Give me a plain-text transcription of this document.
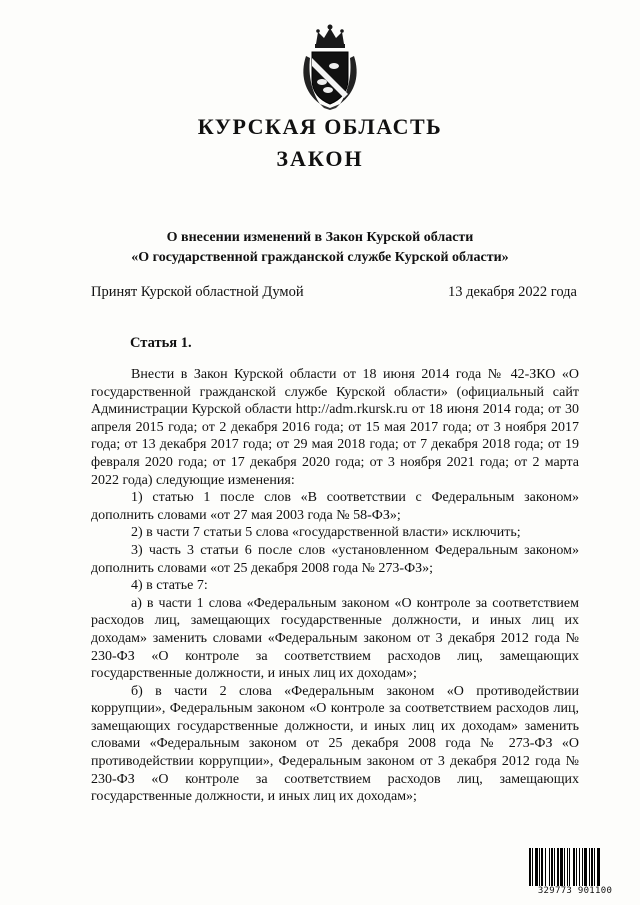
КУРСКАЯ ОБЛАСТЬ
ЗАКОН
О внесении изменений в Закон Курской области
«О государственной гражданской службе Курской области»
Принят Курской областной Думой	13 декабря 2022 года
Статья 1.

Внести в Закон Курской области от 18 июня 2014 года № 42-ЗКО «О государственной гражданской службе Курской области» (официальный сайт Администрации Курской области http://adm.rkursk.ru от 18 июня 2014 года; от 30 апреля 2015 года; от 2 декабря 2016 года; от 15 мая 2017 года; от 3 ноября 2017 года; от 13 декабря 2017 года; от 29 мая 2018 года; от 7 декабря 2018 года; от 19 февраля 2020 года; от 17 декабря 2020 года; от 3 ноября 2021 года; от 2 марта 2022 года) следующие изменения:

1) статью 1 после слов «В соответствии с Федеральным законом» дополнить словами «от 27 мая 2003 года № 58-ФЗ»;

2) в части 7 статьи 5 слова «государственной власти» исключить;

3) часть 3 статьи 6 после слов «установленном Федеральным законом» дополнить словами «от 25 декабря 2008 года № 273-ФЗ»;

4) в статье 7:

а) в части 1 слова «Федеральным законом «О контроле за соответствием расходов лиц, замещающих государственные должности, и иных лиц их доходам» заменить словами «Федеральным законом от 3 декабря 2012 года № 230-ФЗ «О контроле за соответствием расходов лиц, замещающих государственные должности, и иных лиц их доходам»;

б) в части 2 слова «Федеральным законом «О противодействии коррупции», Федеральным законом «О контроле за соответствием расходов лиц, замещающих государственные должности, и иных лиц их доходам» заменить словами «Федеральным законом от 25 декабря 2008 года № 273-ФЗ «О противодействии коррупции», Федеральным законом от 3 декабря 2012 года № 230-ФЗ «О контроле за соответствием расходов лиц, замещающих государственные должности, и иных лиц их доходам»;

329773 901100
